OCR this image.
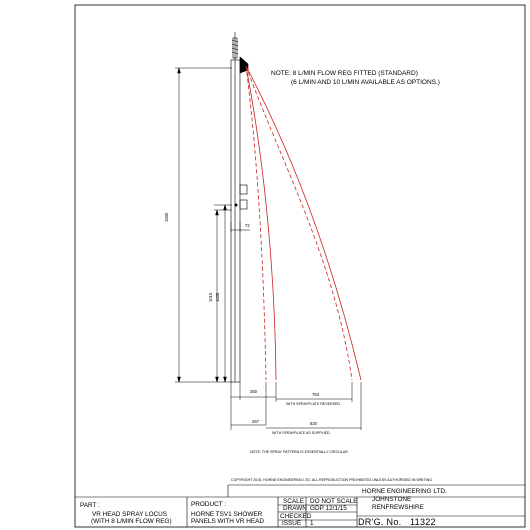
NOTE: 8 L/MIN FLOW REG FITTED (STANDARD)
(6 L/MIN AND 10 L/MIN AVAILABLE AS OPTIONS.)
1930
1015 1038
72
250
753
WITH SPRAYPLATE REVERSED.
267	820
WITH SPRAYPLATE AS SUPPLIED.
NOTE: THE SPRAY PATTERN IS ESSENTIALLY CIRCULAR
COPYRIGHT 2015, HORNE ENGINEERING LTD. ALL REPRODUCTION PROHIBITED UNLESS AUTHORISED IN WRITING
PART :
VR HEAD SPRAY LOCUS
(WITH 8 L/MIN FLOW REG)
PRODUCT :
HORNE TSV1 SHOWER
PANELS WITH VR HEAD
SCALE DO NOT SCALE
DRAWN GDP 12/1/15
CHECKED
ISSUE 1
HORNE ENGINEERING LTD.
JOHNSTONE
RENFREWSHIRE
DR'G. No. 11322
